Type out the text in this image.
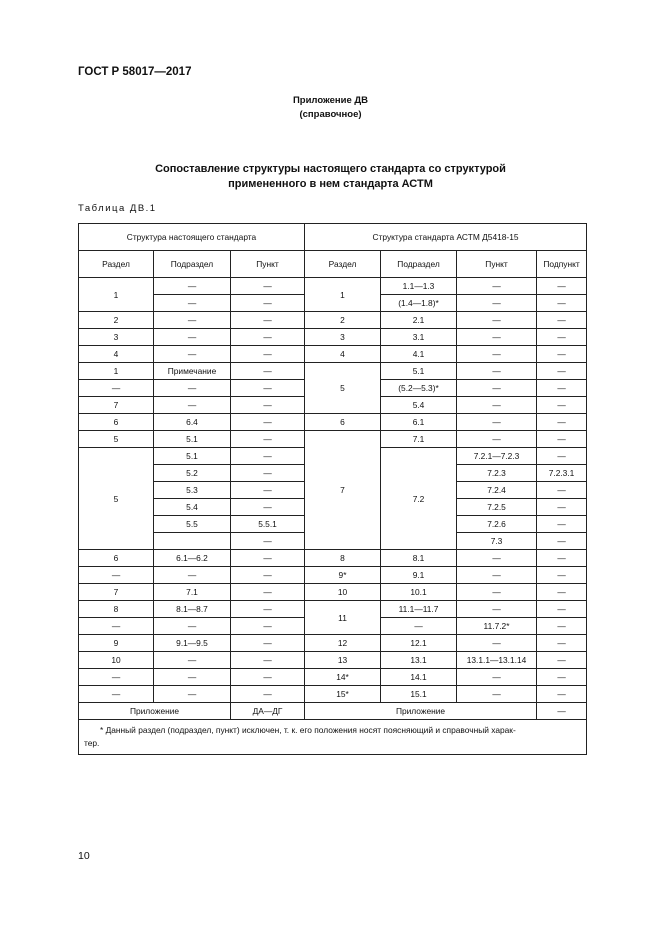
ГОСТ Р 58017—2017
Приложение ДВ
(справочное)
Сопоставление структуры настоящего стандарта со структурой
примененного в нем стандарта АСТМ
Таблица ДВ.1
Структура настоящего стандарта			Структура стандарта АСТМ Д5418-15			
Раздел	Подраздел	Пункт	Раздел	Подраздел	Пункт	Подпункт
1	—	—	1	1.1—1.3	—	—
	—	—		(1.4—1.8)*	—	—
2	—	—	2	2.1	—	—
3	—	—	3	3.1	—	—
4	—	—	4	4.1	—	—
1	Примечание	—	5	5.1	—	—
—	—	—		(5.2—5.3)*	—	—
7	—	—		5.4	—	—
6	6.4	—	6	6.1	—	—
5	5.1	—	7	7.1	—	—
5	5.1	—		7.2	7.2.1—7.2.3	—
	5.2	—			7.2.3	7.2.3.1
	5.3	—			7.2.4	—
	5.4	—			7.2.5	—
	5.5	5.5.1			7.2.6	—
		—			7.3	—
6	6.1—6.2	—	8	8.1	—	—
—	—	—	9*	9.1	—	—
7	7.1	—	10	10.1	—	—
8	8.1—8.7	—	11	11.1—11.7	—	—
—	—	—		—	11.7.2*	—
9	9.1—9.5	—	12	12.1	—	—
10	—	—	13	13.1	13.1.1—13.1.14	—
—	—	—	14*	14.1	—	—
—	—	—	15*	15.1	—	—
Приложение		ДА—ДГ	Приложение			—

* Данный раздел (подраздел, пункт) исключен, т. к. его положения носят поясняющий и справочный харак-
тер.						
10
